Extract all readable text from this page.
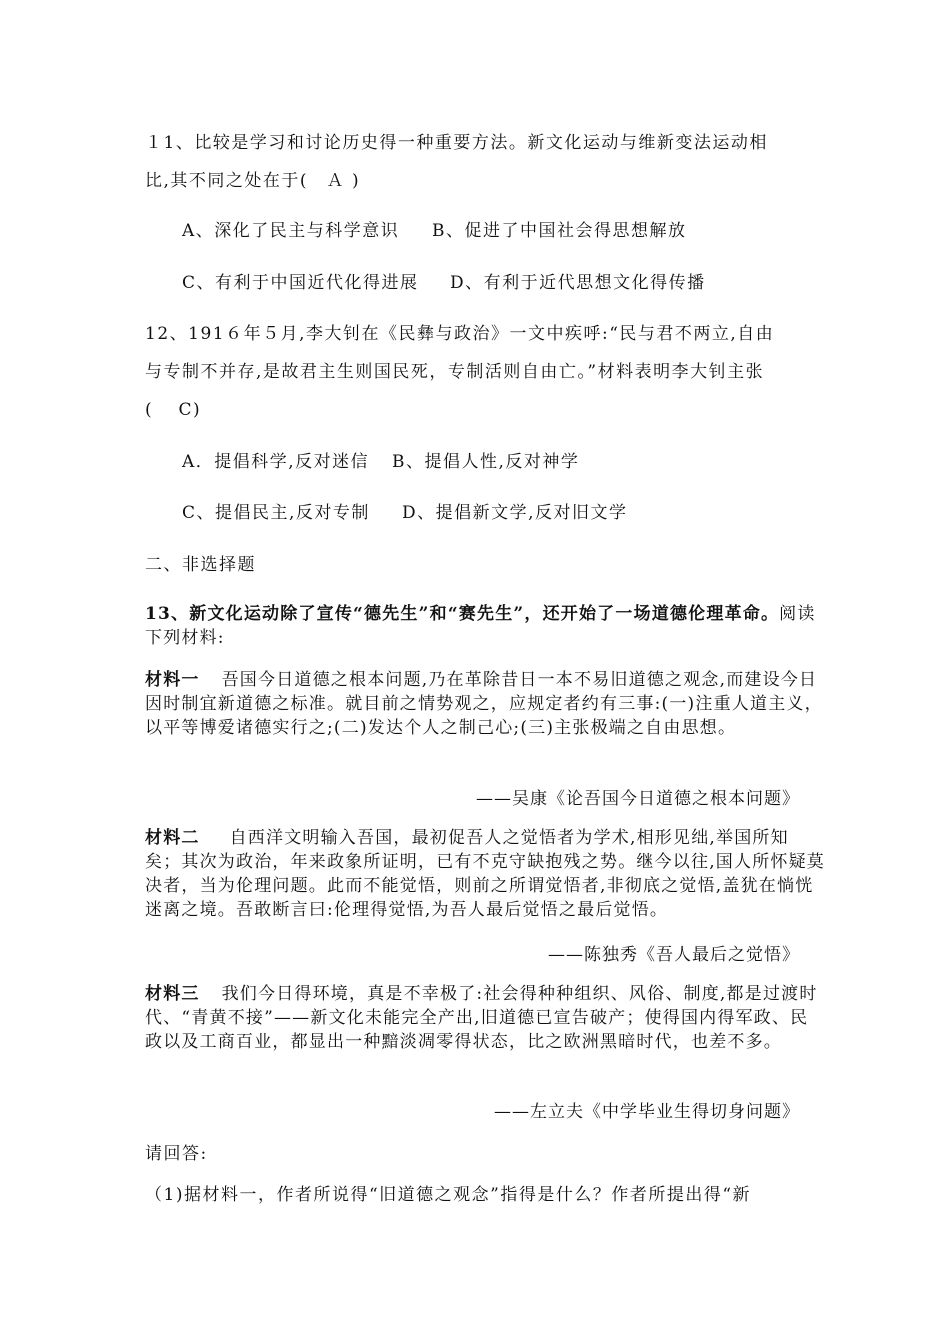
１1、比较是学习和讨论历史得一种重要方法。新文化运动与维新变法运动相
比,其不同之处在于(　Ａ )
A、深化了民主与科学意识 B、促进了中国社会得思想解放
C、有利于中国近代化得进展 D、有利于近代思想文化得传播
12、191６年５月,李大钊在《民彝与政治》一文中疾呼:“民与君不两立,自由
与专制不并存,是故君主生则国民死，专制活则自由亡。”材料表明李大钊主张
(　 C)
A．提倡科学,反对迷信 B、提倡人性,反对神学
C、提倡民主,反对专制 D、提倡新文学,反对旧文学
二、非选择题
13、新文化运动除了宣传“德先生”和“赛先生”，还开始了一场道德伦理革命。阅读下列材料:
材料一 吾国今日道德之根本问题,乃在革除昔日一本不易旧道德之观念,而建设今日因时制宜新道德之标准。就目前之情势观之，应规定者约有三事:(一)注重人道主义，以平等博爱诸德实行之;(二)发达个人之制己心;(三)主张极端之自由思想。
——吴康《论吾国今日道德之根本问题》
材料二 自西洋文明输入吾国，最初促吾人之觉悟者为学术,相形见绌,举国所知矣；其次为政治，年来政象所证明，已有不克守缺抱残之势。继今以往,国人所怀疑莫决者，当为伦理问题。此而不能觉悟，则前之所谓觉悟者,非彻底之觉悟,盖犹在惝恍迷离之境。吾敢断言曰:伦理得觉悟,为吾人最后觉悟之最后觉悟。
——陈独秀《吾人最后之觉悟》
材料三 我们今日得环境，真是不幸极了:社会得种种组织、风俗、制度,都是过渡时代、“青黄不接”——新文化未能完全产出,旧道德已宣告破产；使得国内得军政、民政以及工商百业，都显出一种黯淡凋零得状态，比之欧洲黑暗时代，也差不多。
——左立夫《中学毕业生得切身问题》
请回答:
（1)据材料一，作者所说得“旧道德之观念”指得是什么？作者所提出得“新
